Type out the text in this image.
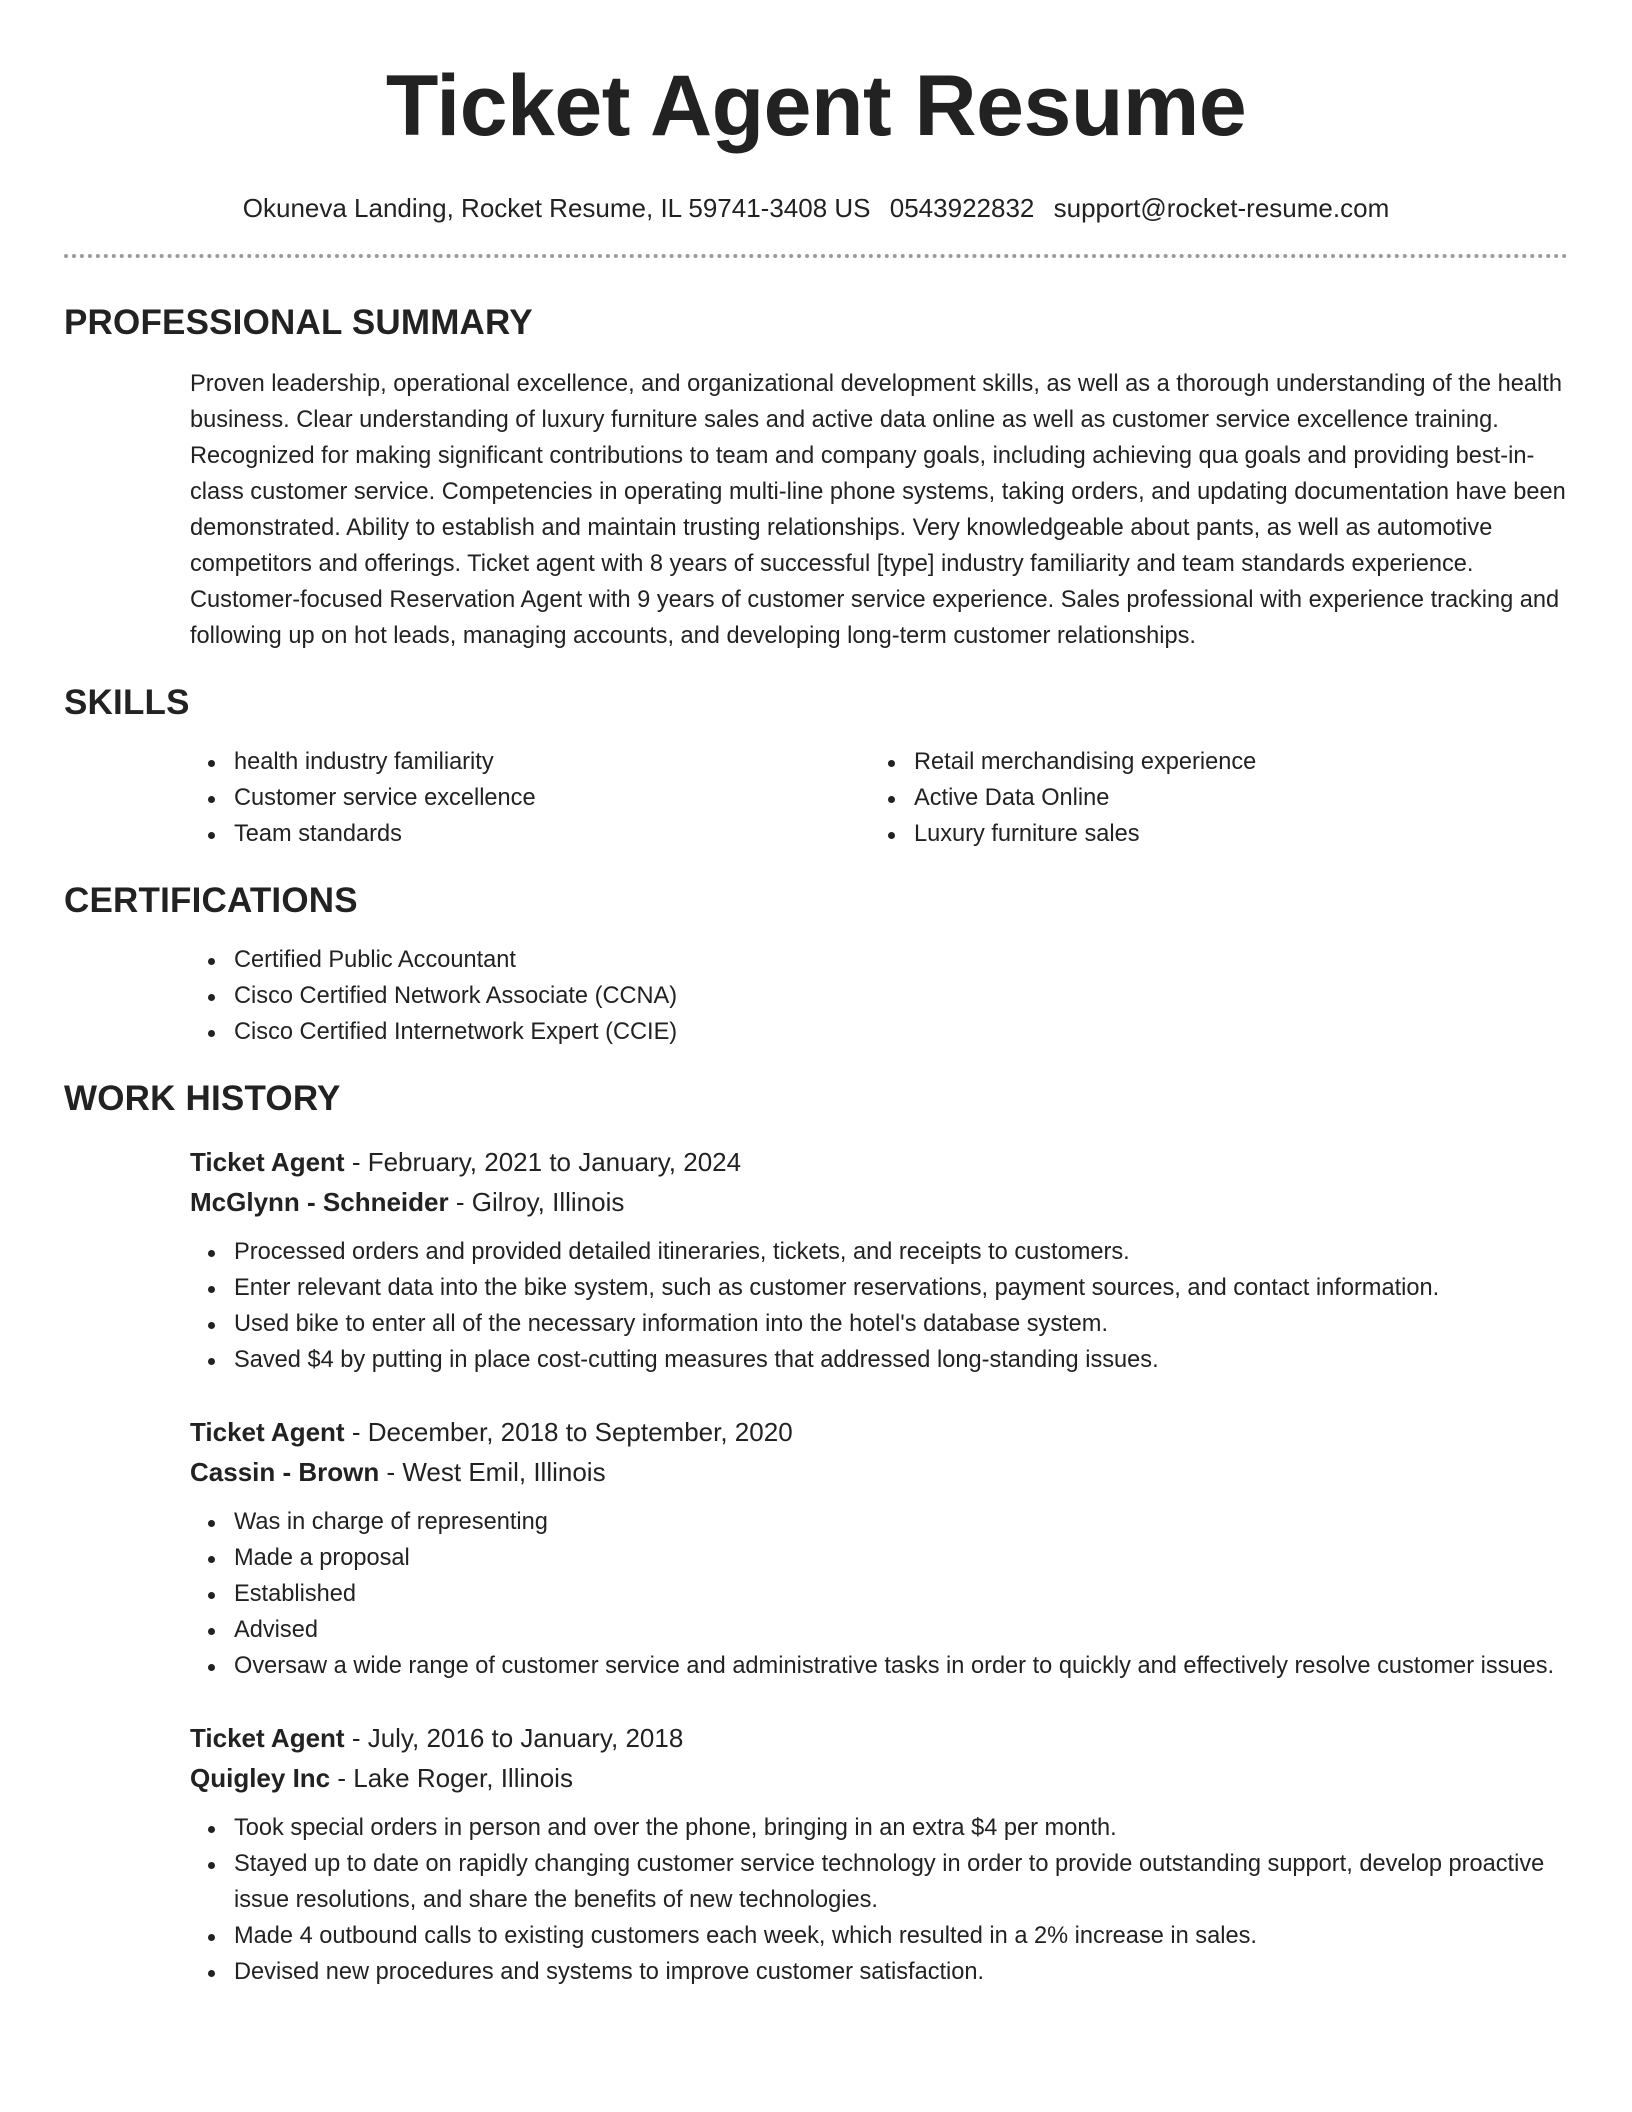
Ticket Agent Resume
Okuneva Landing, Rocket Resume, IL 59741-3408 US 0543922832 support@rocket-resume.com
PROFESSIONAL SUMMARY

Proven leadership, operational excellence, and organizational development skills, as well as a thorough understanding of the health business. Clear understanding of luxury furniture sales and active data online as well as customer service excellence training. Recognized for making significant contributions to team and company goals, including achieving qua goals and providing best-in-class customer service. Competencies in operating multi-line phone systems, taking orders, and updating documentation have been demonstrated. Ability to establish and maintain trusting relationships. Very knowledgeable about pants, as well as automotive competitors and offerings. Ticket agent with 8 years of successful [type] industry familiarity and team standards experience. Customer-focused Reservation Agent with 9 years of customer service experience. Sales professional with experience tracking and following up on hot leads, managing accounts, and developing long-term customer relationships.

SKILLS
health industry familiarity
Customer service excellence
Team standards
Retail merchandising experience
Active Data Online
Luxury furniture sales
CERTIFICATIONS
Certified Public Accountant
Cisco Certified Network Associate (CCNA)
Cisco Certified Internetwork Expert (CCIE)
WORK HISTORY
Ticket Agent - February, 2021 to January, 2024
McGlynn - Schneider - Gilroy, Illinois
Processed orders and provided detailed itineraries, tickets, and receipts to customers.
Enter relevant data into the bike system, such as customer reservations, payment sources, and contact information.
Used bike to enter all of the necessary information into the hotel's database system.
Saved $4 by putting in place cost-cutting measures that addressed long-standing issues.
Ticket Agent - December, 2018 to September, 2020
Cassin - Brown - West Emil, Illinois
Was in charge of representing
Made a proposal
Established
Advised
Oversaw a wide range of customer service and administrative tasks in order to quickly and effectively resolve customer issues.
Ticket Agent - July, 2016 to January, 2018
Quigley Inc - Lake Roger, Illinois
Took special orders in person and over the phone, bringing in an extra $4 per month.
Stayed up to date on rapidly changing customer service technology in order to provide outstanding support, develop proactive issue resolutions, and share the benefits of new technologies.
Made 4 outbound calls to existing customers each week, which resulted in a 2% increase in sales.
Devised new procedures and systems to improve customer satisfaction.
